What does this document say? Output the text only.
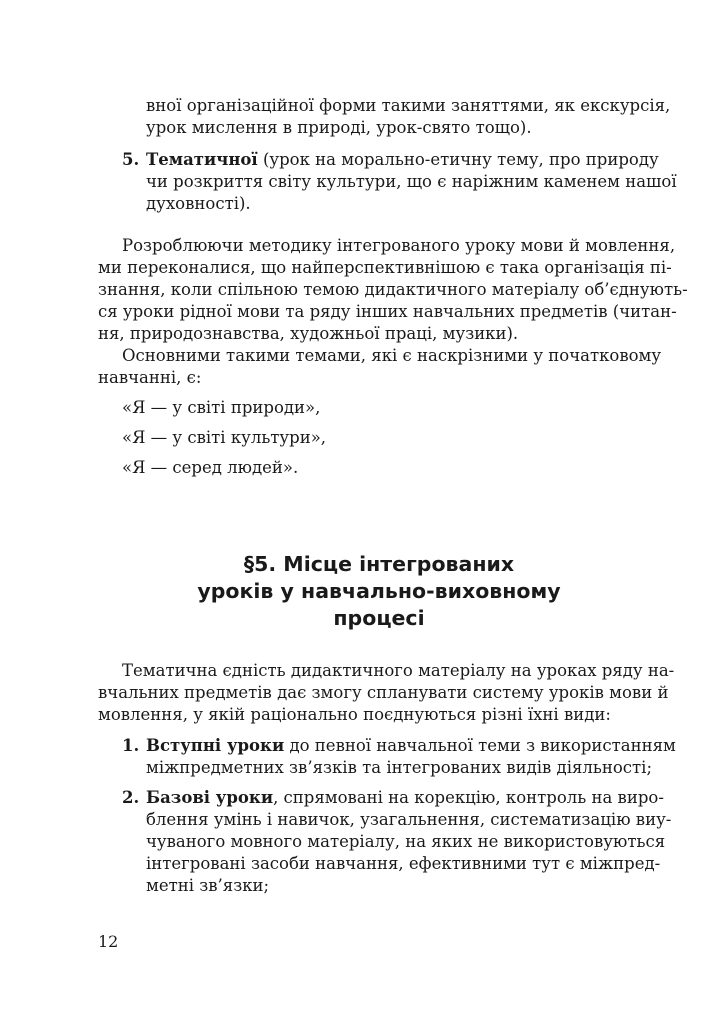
вної організаційної форми такими заняттями, як екскурсія,
урок мислення в природі, урок-свято тощо).
5. Тематичної (урок на морально-етичну тему, про природу
чи розкриття світу культури, що є наріжним каменем нашої
духовності).
Розроблюючи методику інтегрованого уроку мови й мовлення,
ми переконалися, що найперспективнішою є така організація пі-
знання, коли спільною темою дидактичного матеріалу об’єднують-
ся уроки рідної мови та ряду інших навчальних предметів (читан-
ня, природознавства, художньої праці, музики).
Основними такими темами, які є наскрізними у початковому
навчанні, є:
«Я — у світі природи»,
«Я — у світі культури»,
«Я — серед людей».
§5. Місце інтегрованих
уроків у навчально-виховному
процесі
Тематична єдність дидактичного матеріалу на уроках ряду на-
вчальних предметів дає змогу спланувати систему уроків мови й
мовлення, у якій раціонально поєднуються різні їхні види:
1. Вступні уроки до певної навчальної теми з використанням
міжпредметних зв’язків та інтегрованих видів діяльності;
2. Базові уроки, спрямовані на корекцію, контроль на виро-
блення умінь і навичок, узагальнення, систематизацію виу-
чуваного мовного матеріалу, на яких не використовуються
інтегровані засоби навчання, ефективними тут є міжпред-
метні зв’язки;
12
